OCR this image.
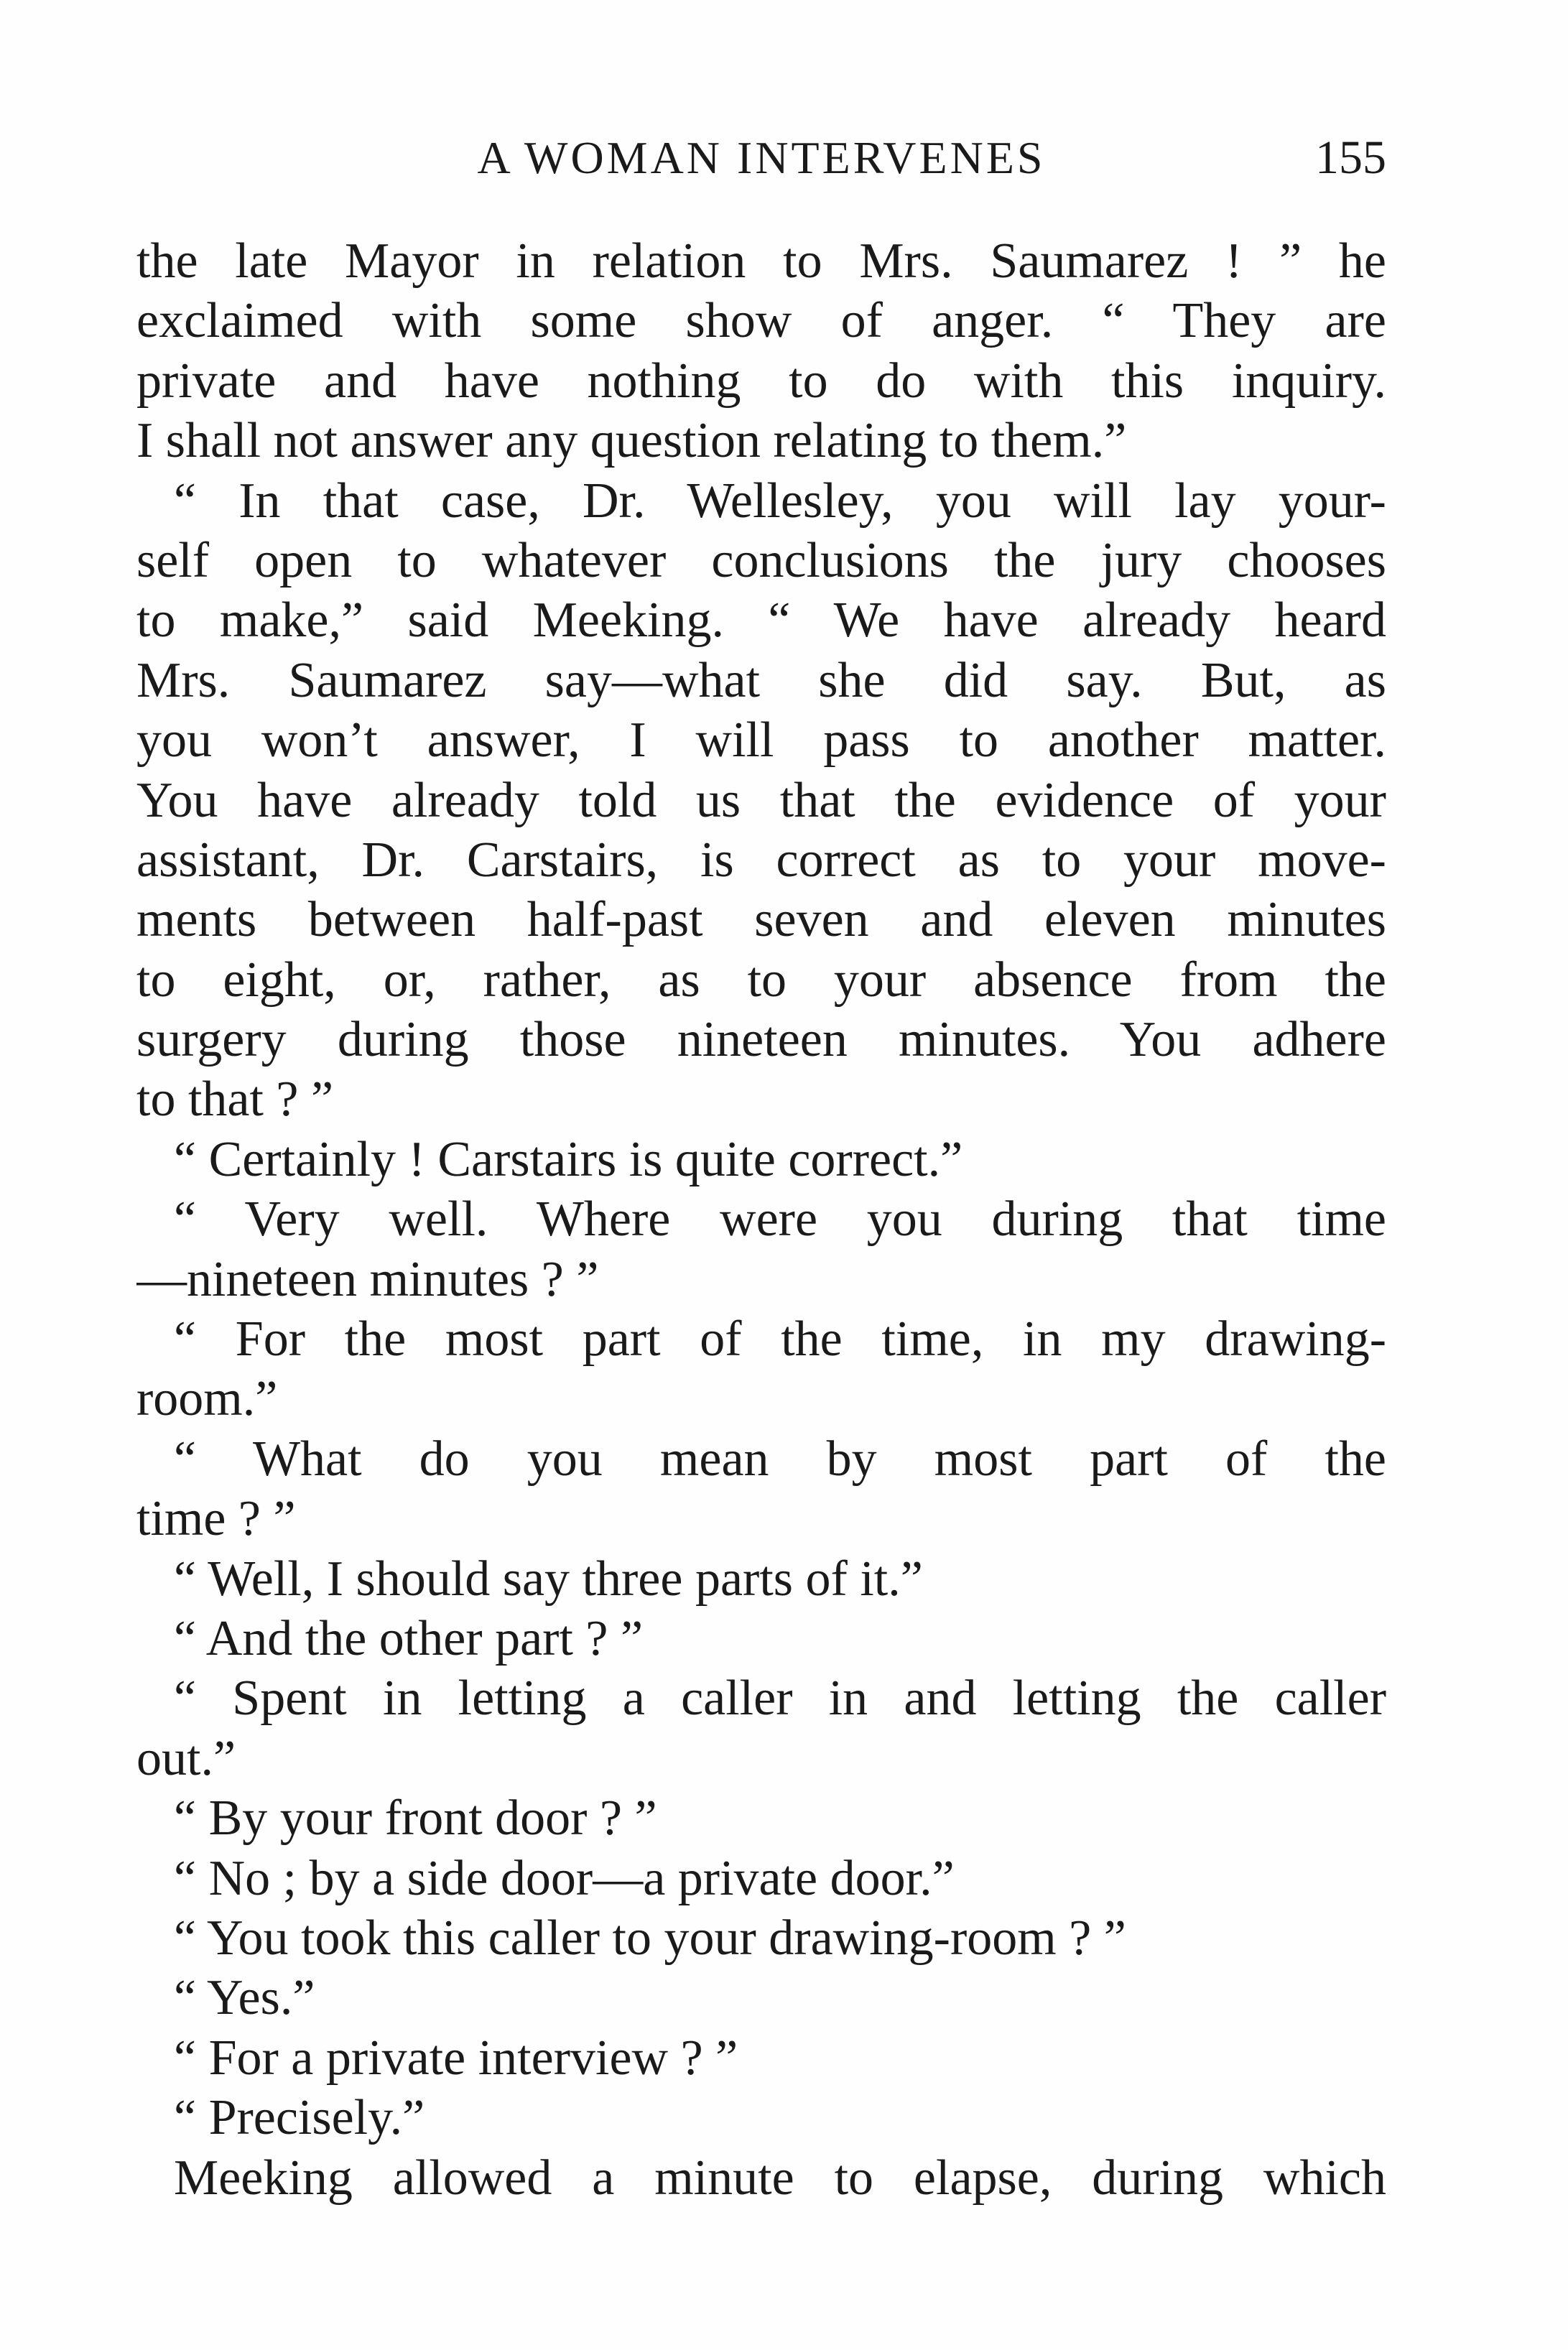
A WOMAN INTERVENES	155
the late Mayor in relation to Mrs. Saumarez ! ” he
exclaimed with some show of anger. “ They are
private and have nothing to do with this inquiry.
I shall not answer any question relating to them.”
“ In that case, Dr. Wellesley, you will lay your-
self open to whatever conclusions the jury chooses
to make,” said Meeking. “ We have already heard
Mrs. Saumarez say—what she did say. But, as
you won’t answer, I will pass to another matter.
You have already told us that the evidence of your
assistant, Dr. Carstairs, is correct as to your move-
ments between half-past seven and eleven minutes
to eight, or, rather, as to your absence from the
surgery during those nineteen minutes. You adhere
to that ? ”
“ Certainly ! Carstairs is quite correct.”
“ Very well. Where were you during that time
—nineteen minutes ? ”
“ For the most part of the time, in my drawing-
room.”
“ What do you mean by most part of the
time ? ”
“ Well, I should say three parts of it.”
“ And the other part ? ”
“ Spent in letting a caller in and letting the caller
out.”
“ By your front door ? ”
“ No ; by a side door—a private door.”
“ You took this caller to your drawing-room ? ”
“ Yes.”
“ For a private interview ? ”
“ Precisely.”
Meeking allowed a minute to elapse, during which
